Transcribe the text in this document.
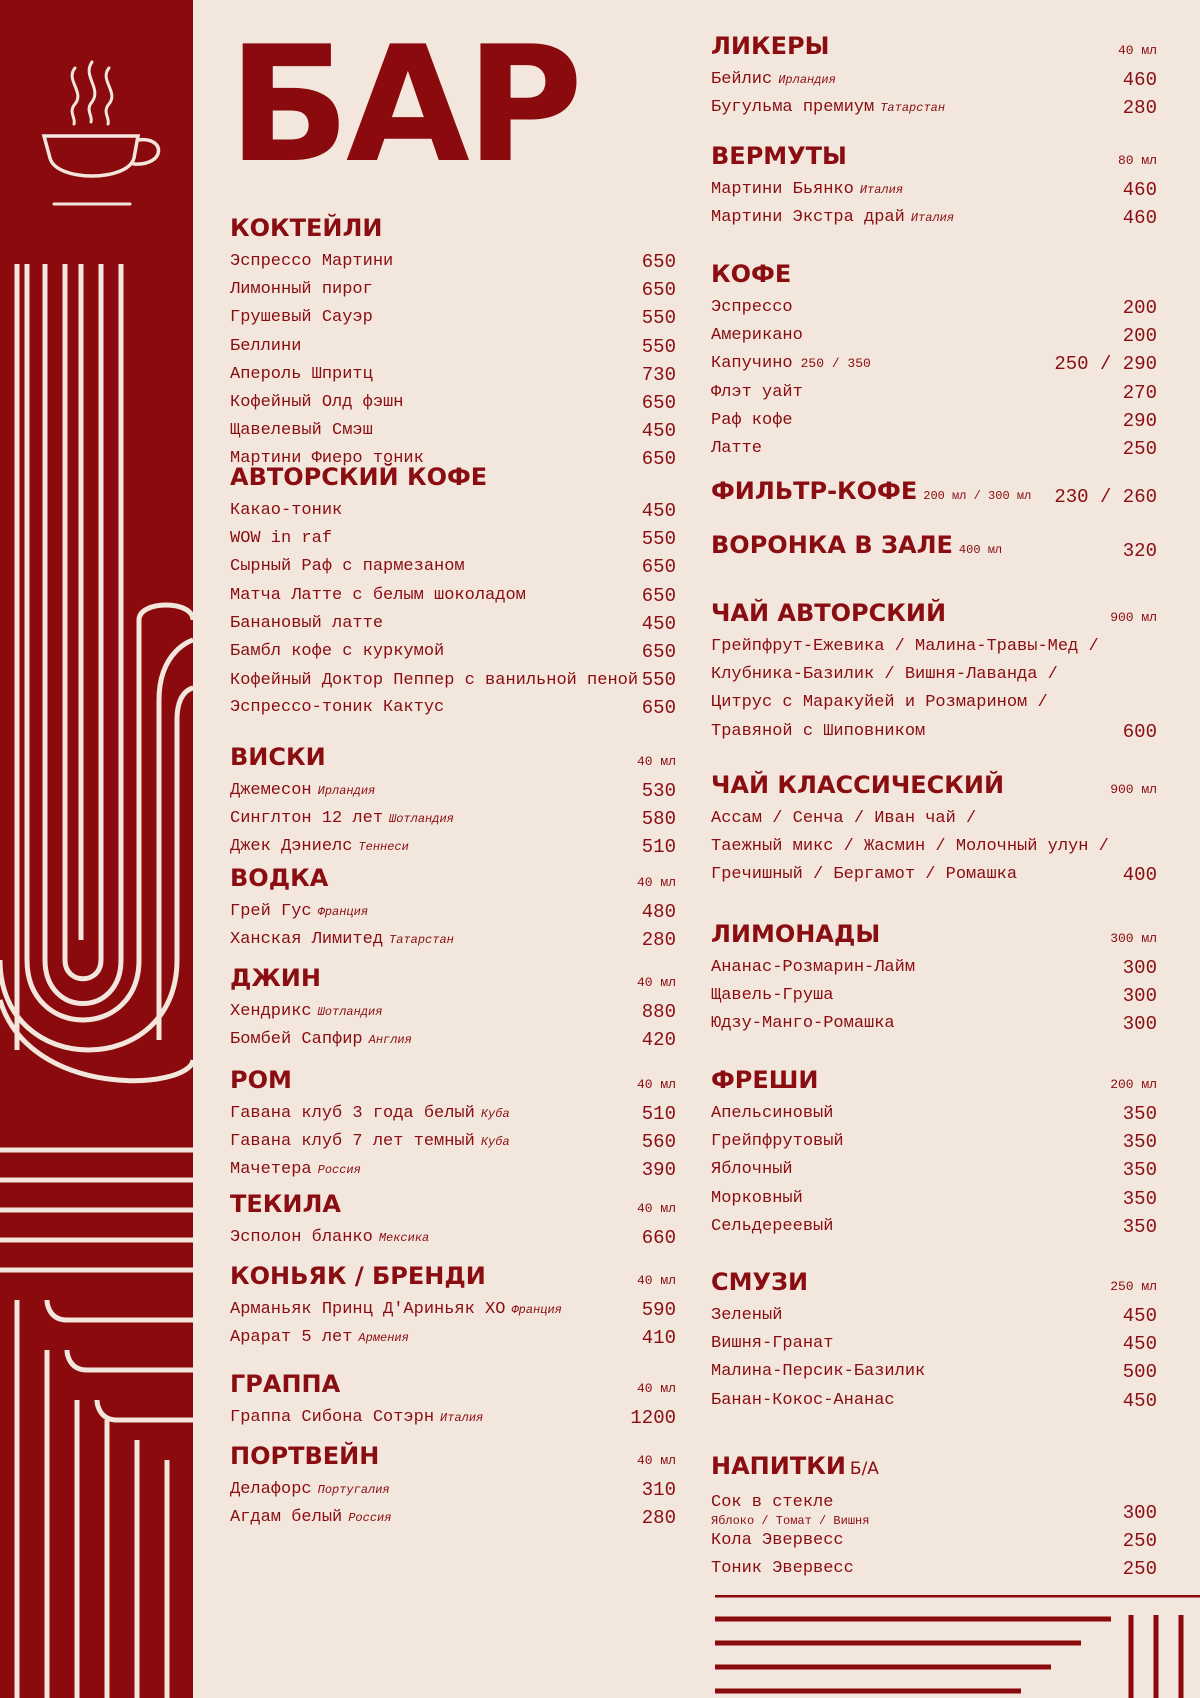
БАР
КОКТЕЙЛИ
Эспрессо Мартини	650
Лимонный пирог	650
Грушевый Сауэр	550
Беллини	550
Апероль Шпритц	730
Кофейный Олд фэшн	650
Щавелевый Смэш	450
Мартини Фиеро тоник	650
АВТОРСКИЙ КОФЕ
Какао-тоник	450
WOW in raf	550
Сырный Раф с пармезаном	650
Матча Латте с белым шоколадом	650
Банановый латте	450
Бамбл кофе с куркумой	650
Кофейный Доктор Пеппер с ванильной пеной 550
Эспрессо-тоник Кактус	650
ВИСКИ	40 мл
Джемесон Ирландия	530
Синглтон 12 лет Шотландия	580
Джек Дэниелс Теннеси	510
ВОДКА	40 мл
Грей Гус Франция	480
Ханская Лимитед Татарстан	280
ДЖИН	40 мл
Хендрикс Шотландия	880
Бомбей Сапфир Англия	420
РОМ	40 мл
Гавана клуб 3 года белый Куба	510
Гавана клуб 7 лет темный Куба	560
Мачетера Россия	390
ТЕКИЛА	40 мл
Эсполон бланко Мексика	660
КОНЬЯК / БРЕНДИ	40 мл
Арманьяк Принц Д'Ариньяк ХО Франция	590
Арарат 5 лет Армения	410
ГРАППА	40 мл
Граппа Сибона Сотэрн Италия	1200
ПОРТВЕЙН	40 мл
Делафорс Португалия	310
Агдам белый Россия	280
ЛИКЕРЫ	40 мл
Бейлис Ирландия	460
Бугульма премиум Татарстан	280
ВЕРМУТЫ	80 мл
Мартини Бьянко Италия	460
Мартини Экстра драй Италия	460
КОФЕ
Эспрессо	200
Американо	200
Капучино 250 / 350	250 / 290
Флэт уайт	270
Раф кофе	290
Латте	250
ФИЛЬТР-КОФЕ 200 мл / 300 мл 230 / 260
ВОРОНКА В ЗАЛЕ 400 мл	320
ЧАЙ АВТОРСКИЙ	900 мл
Грейпфрут-Ежевика / Малина-Травы-Мед /
Клубника-Базилик / Вишня-Лаванда /
Цитрус с Маракуйей и Розмарином /
Травяной с Шиповником	600
ЧАЙ КЛАССИЧЕСКИЙ	900 мл
Ассам / Сенча / Иван чай /
Таежный микс / Жасмин / Молочный улун /
Гречишный / Бергамот / Ромашка	400
ЛИМОНАДЫ	300 мл
Ананас-Розмарин-Лайм	300
Щавель-Груша	300
Юдзу-Манго-Ромашка	300
ФРЕШИ	200 мл
Апельсиновый	350
Грейпфрутовый	350
Яблочный	350
Морковный	350
Сельдереевый	350
СМУЗИ	250 мл
Зеленый	450
Вишня-Гранат	450
Малина-Персик-Базилик	500
Банан-Кокос-Ананас	450
НАПИТКИ Б/А
Сок в стекле
Яблоко / Томат / Вишня	300
Кола Эвервесс	250
Тоник Эвервесс	250
